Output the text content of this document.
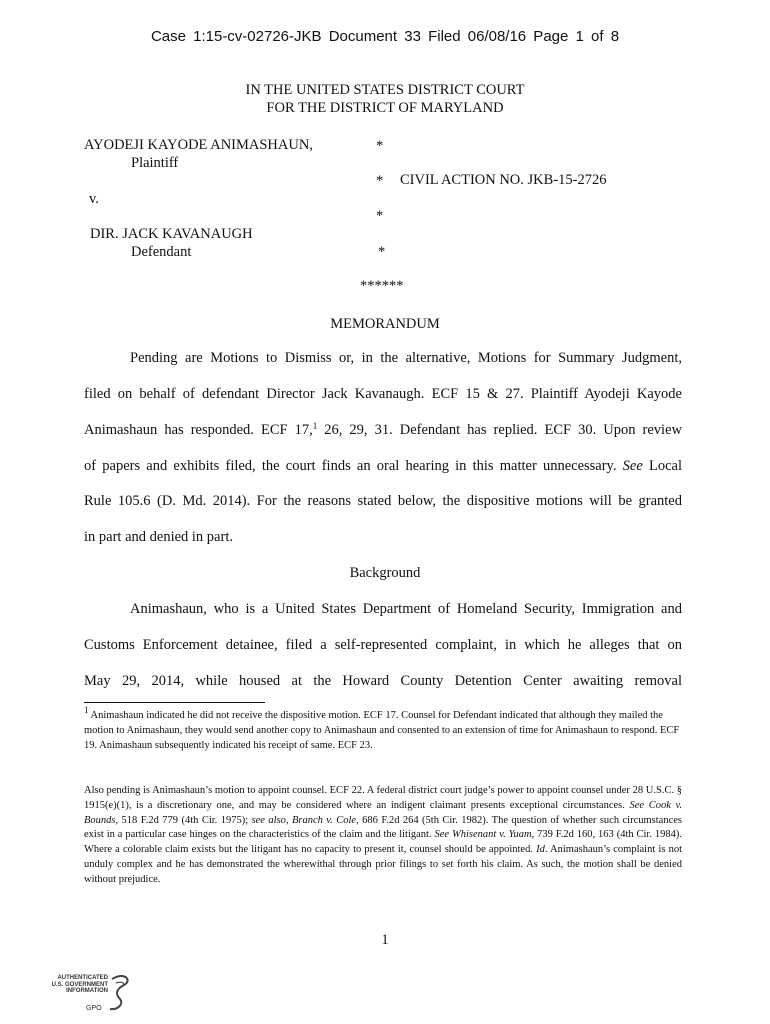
Case 1:15-cv-02726-JKB Document 33 Filed 06/08/16 Page 1 of 8
IN THE UNITED STATES DISTRICT COURT
FOR THE DISTRICT OF MARYLAND
AYODEJI KAYODE ANIMASHAUN,
Plaintiff
v.
DIR. JACK KAVANAUGH
Defendant
*
* CIVIL ACTION NO. JKB-15-2726
*
*
******
MEMORANDUM
Pending are Motions to Dismiss or, in the alternative, Motions for Summary Judgment,
filed on behalf of defendant Director Jack Kavanaugh. ECF 15 & 27. Plaintiff Ayodeji Kayode
Animashaun has responded. ECF 17,$^1$ 26, 29, 31. Defendant has replied. ECF 30. Upon review
of papers and exhibits filed, the court finds an oral hearing in this matter unnecessary. See Local
Rule 105.6 (D. Md. 2014). For the reasons stated below, the dispositive motions will be granted
in part and denied in part.
Background
Animashaun, who is a United States Department of Homeland Security, Immigration and
Customs Enforcement detainee, filed a self-represented complaint, in which he alleges that on
May 29, 2014, while housed at the Howard County Detention Center awaiting removal

$^1$ Animashaun indicated he did not receive the dispositive motion. ECF 17. Counsel for Defendant indicated that although they mailed the motion to Animashaun, they would send another copy to Animashaun and consented to an extension of time for Animashaun to respond. ECF 19. Animashaun subsequently indicated his receipt of same. ECF 23.

Also pending is Animashaun’s motion to appoint counsel. ECF 22. A federal district court judge’s power to appoint counsel under 28 U.S.C. § 1915(e)(1), is a discretionary one, and may be considered where an indigent claimant presents exceptional circumstances. See Cook v. Bounds, 518 F.2d 779 (4th Cir. 1975); see also, Branch v. Cole, 686 F.2d 264 (5th Cir. 1982). The question of whether such circumstances exist in a particular case hinges on the characteristics of the claim and the litigant. See Whisenant v. Yuam, 739 F.2d 160, 163 (4th Cir. 1984). Where a colorable claim exists but the litigant has no capacity to present it, counsel should be appointed. Id. Animashaun’s complaint is not unduly complex and he has demonstrated the wherewithal through prior filings to set forth his claim. As such, the motion shall be denied without prejudice.

1
AUTHENTICATED
U.S. GOVERNMENT
INFORMATION
GPO
